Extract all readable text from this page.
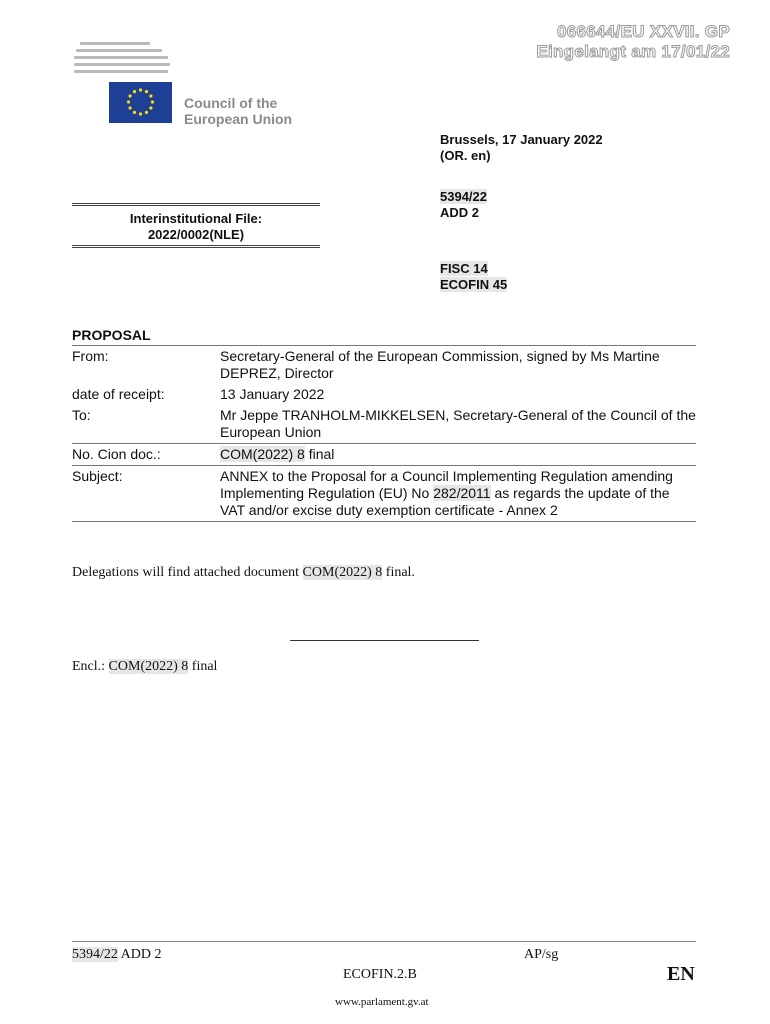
066644/EU XXVII. GP
Eingelangt am 17/01/22
Council of the
European Union
Brussels, 17 January 2022
(OR. en)
5394/22
ADD 2
FISC 14
ECOFIN 45
Interinstitutional File:
2022/0002(NLE)
PROPOSAL
From:	Secretary-General of the European Commission, signed by Ms Martine DEPREZ, Director
date of receipt:	13 January 2022
To:	Mr Jeppe TRANHOLM-MIKKELSEN, Secretary-General of the Council of the European Union
No. Cion doc.:	COM(2022) 8 final
Subject:	ANNEX to the Proposal for a Council Implementing Regulation amending Implementing Regulation (EU) No 282/2011 as regards the update of the VAT and/or excise duty exemption certificate - Annex 2
Delegations will find attached document COM(2022) 8 final.
Encl.: COM(2022) 8 final
5394/22 ADD 2	AP/sg
ECOFIN.2.B	EN
www.parlament.gv.at
